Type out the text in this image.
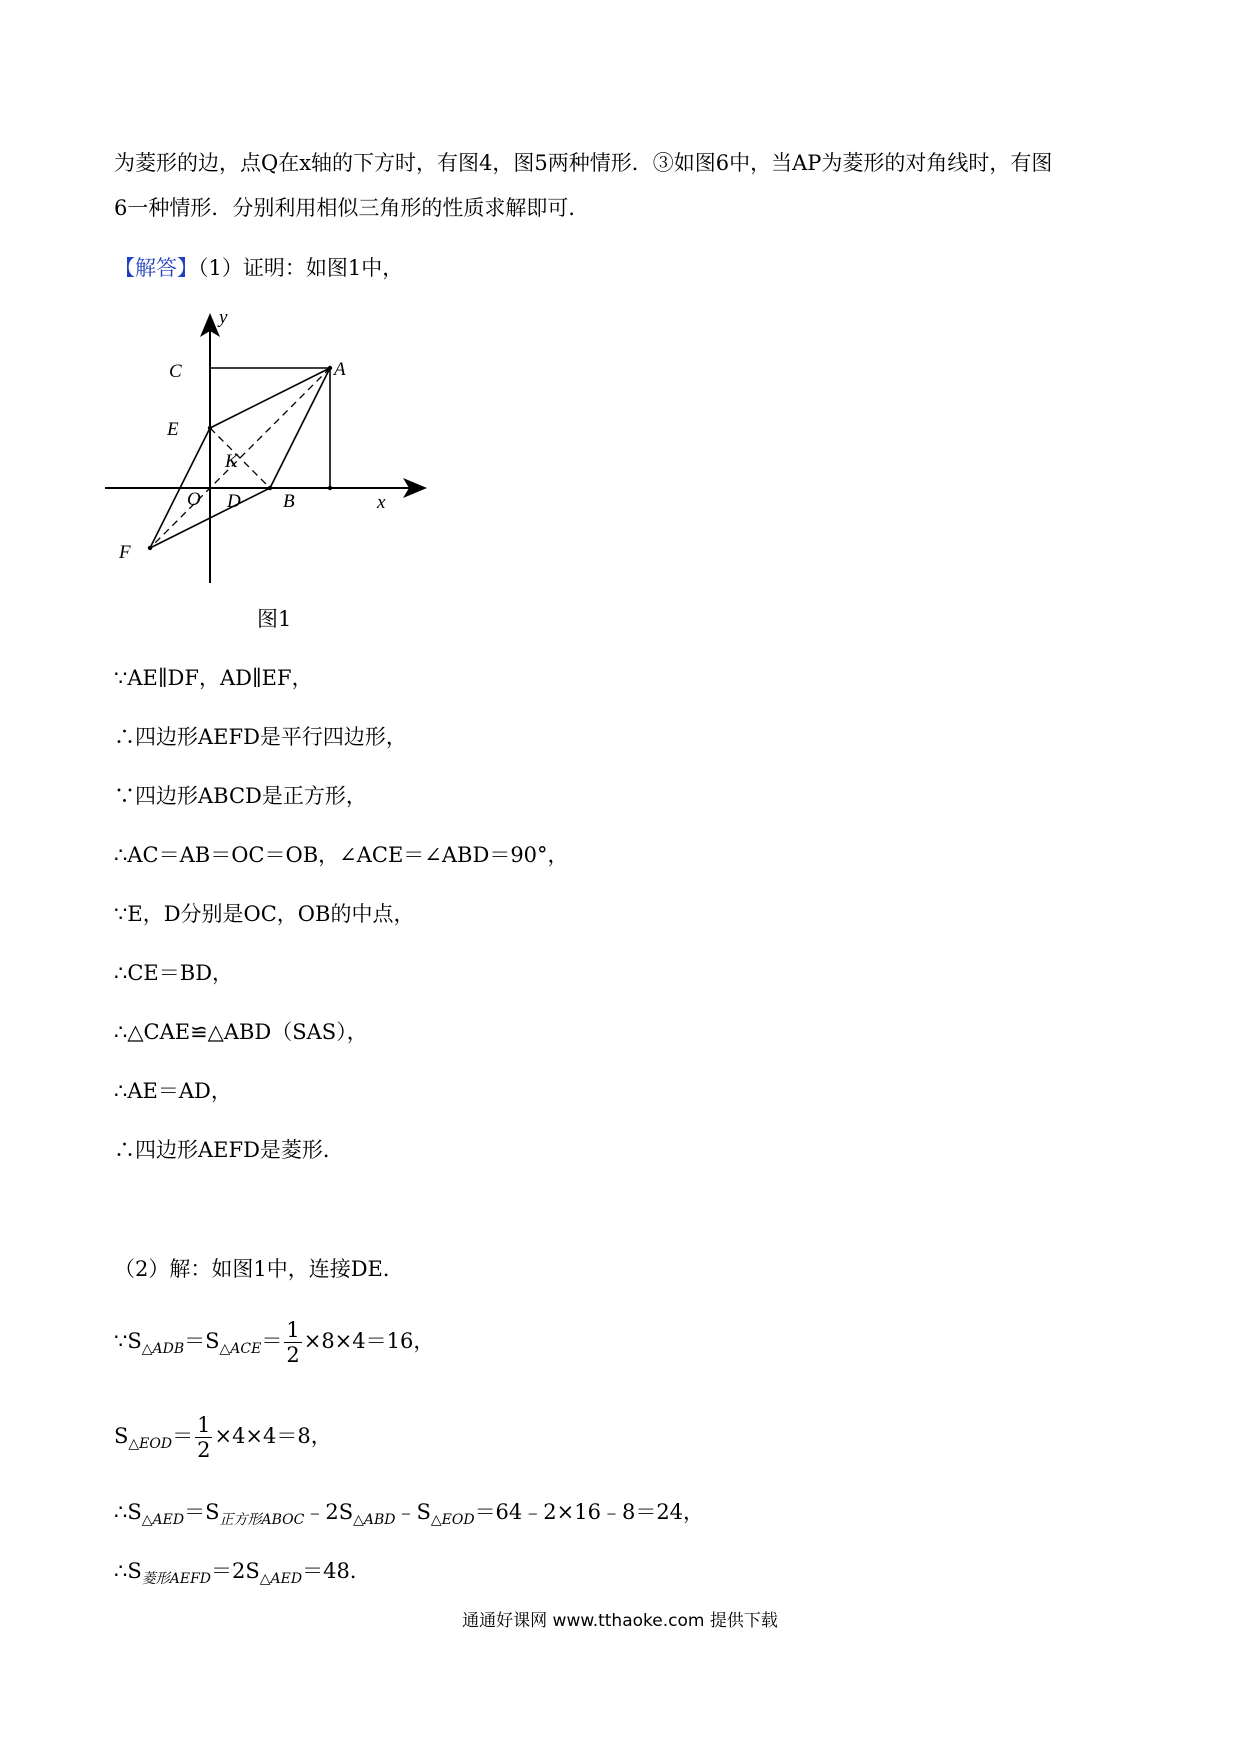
为菱形的边，点Q在x轴的下方时，有图4，图5两种情形．③如图6中，当AP为菱形的对角线时，有图
6一种情形．分别利用相似三角形的性质求解即可．
【解答】（1）证明：如图1中，
y
x
C	A
E
K
O D B
F
图1
∵AE∥DF，AD∥EF，
∴四边形AEFD是平行四边形，
∵四边形ABCD是正方形，
∴AC＝AB＝OC＝OB，∠ACE＝∠ABD＝90°，
∵E，D分别是OC，OB的中点，
∴CE＝BD，
∴△CAE≌△ABD（SAS），
∴AE＝AD，
∴四边形AEFD是菱形．
（2）解：如图1中，连接DE．
$\because S_{\triangle ADB}=S_{\triangle ACE}= \frac{1}{2} \times 8\times 4=16$，
$S_{\triangle EOD}= \frac{1}{2} \times 4\times 4=8$，
$\therefore S_{\triangle AED}=S_{正方形ABOC}﹣2S_{\triangle ABD}﹣S_{\triangle EOD}=64﹣2\times 16﹣8=24$，
$\therefore S_{菱形AEFD}=2S_{\triangle AED}=48$．
通通好课网 www.tthaoke.com 提供下载
